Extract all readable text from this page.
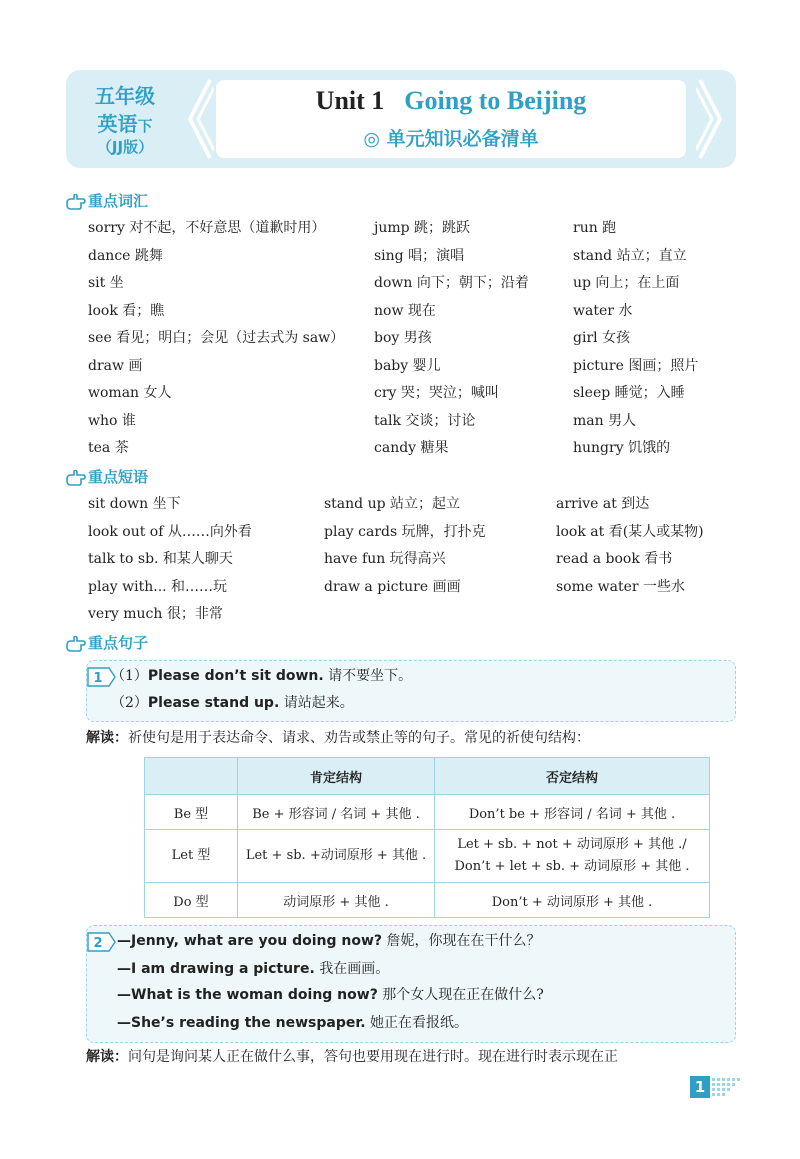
五年级
英语下
（JJ版）
Unit 1 Going to Beijing
◎ 单元知识必备清单
重点词汇
sorry 对不起，不好意思（道歉时用）	jump 跳；跳跃	run 跑
dance 跳舞	sing 唱；演唱	stand 站立；直立
sit 坐	down 向下；朝下；沿着	up 向上；在上面
look 看；瞧	now 现在	water 水
see 看见；明白；会见（过去式为 saw） boy 男孩	girl 女孩
draw 画	baby 婴儿	picture 图画；照片
woman 女人	cry 哭；哭泣；喊叫	sleep 睡觉；入睡
who 谁	talk 交谈；讨论	man 男人
tea 茶	candy 糖果	hungry 饥饿的
重点短语
sit down 坐下	stand up 站立；起立	arrive at 到达
look out of 从……向外看	play cards 玩牌，打扑克	look at 看(某人或某物)
talk to sb. 和某人聊天	have fun 玩得高兴	read a book 看书
play with... 和……玩	draw a picture 画画	some water 一些水
very much 很；非常
重点句子
1 （1）Please don’t sit down. 请不要坐下。
（2）Please stand up. 请站起来。
解读：祈使句是用于表达命令、请求、劝告或禁止等的句子。常见的祈使句结构：
	肯定结构	否定结构
Be 型	Be + 形容词 / 名词 + 其他 .	Don’t be + 形容词 / 名词 + 其他 .
Let 型	Let + sb. +动词原形 + 其他 .	Let + sb. + not + 动词原形 + 其他 ./
Don’t + let + sb. + 动词原形 + 其他 .

Do 型	动词原形 + 其他 .	Don’t + 动词原形 + 其他 .
2 —Jenny, what are you doing now? 詹妮，你现在在干什么？
—I am drawing a picture. 我在画画。
—What is the woman doing now? 那个女人现在正在做什么?
—She’s reading the newspaper. 她正在看报纸。
解读：问句是询问某人正在做什么事，答句也要用现在进行时。现在进行时表示现在正
1
